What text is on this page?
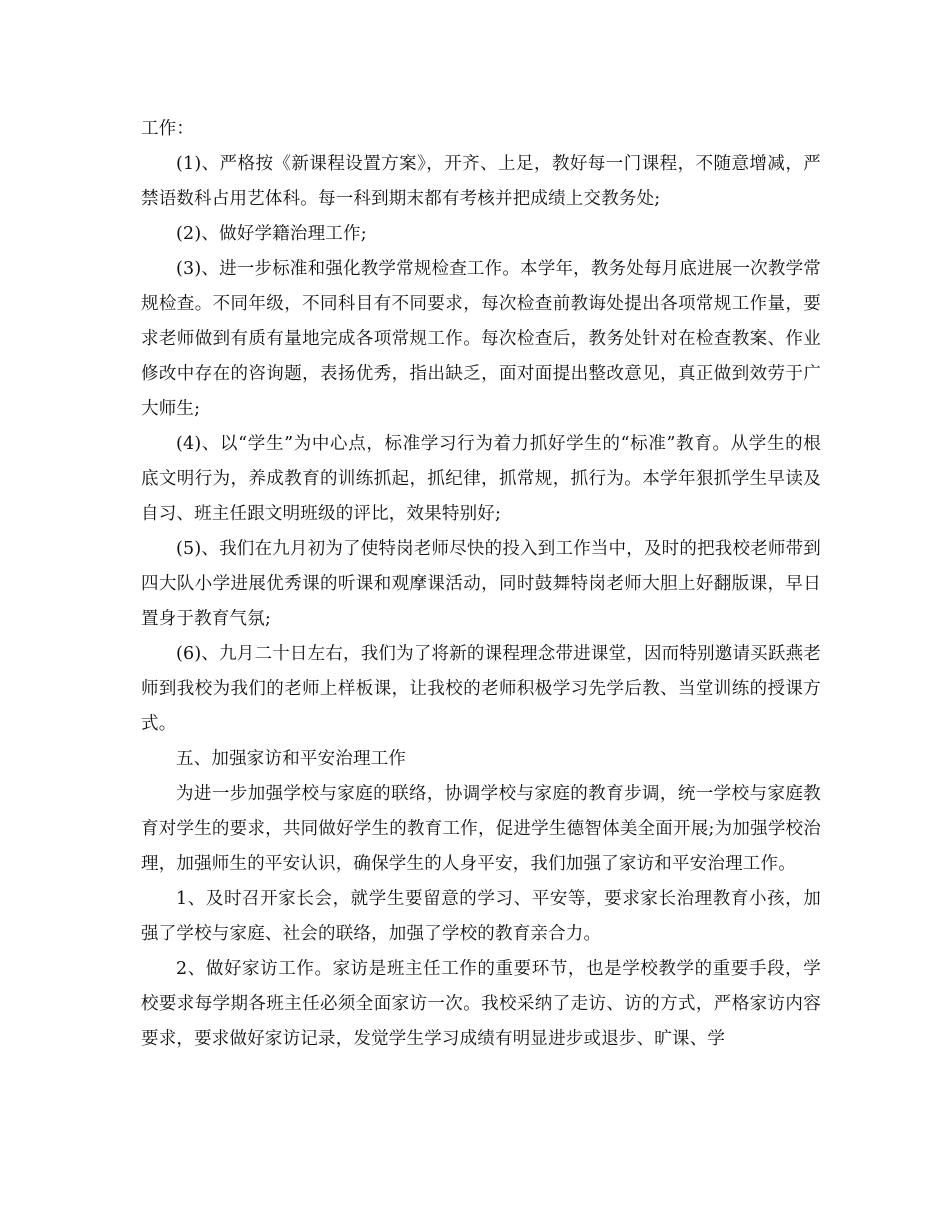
工作：

(1)、严格按《新课程设置方案》，开齐、上足，教好每一门课程，不随意增减，严禁语数科占用艺体科。每一科到期末都有考核并把成绩上交教务处;

(2)、做好学籍治理工作;

(3)、进一步标准和强化教学常规检查工作。本学年，教务处每月底进展一次教学常规检查。不同年级，不同科目有不同要求，每次检查前教诲处提出各项常规工作量，要求老师做到有质有量地完成各项常规工作。每次检查后，教务处针对在检查教案、作业修改中存在的咨询题，表扬优秀，指出缺乏，面对面提出整改意见，真正做到效劳于广大师生;

(4)、以“学生”为中心点，标准学习行为着力抓好学生的“标准”教育。从学生的根底文明行为，养成教育的训练抓起，抓纪律，抓常规，抓行为。本学年狠抓学生早读及自习、班主任跟文明班级的评比，效果特别好;

(5)、我们在九月初为了使特岗老师尽快的投入到工作当中，及时的把我校老师带到四大队小学进展优秀课的听课和观摩课活动，同时鼓舞特岗老师大胆上好翻版课，早日置身于教育气氛;

(6)、九月二十日左右，我们为了将新的课程理念带进课堂，因而特别邀请买跃燕老师到我校为我们的老师上样板课，让我校的老师积极学习先学后教、当堂训练的授课方式。

五、加强家访和平安治理工作

为进一步加强学校与家庭的联络，协调学校与家庭的教育步调，统一学校与家庭教育对学生的要求，共同做好学生的教育工作，促进学生德智体美全面开展;为加强学校治理，加强师生的平安认识，确保学生的人身平安，我们加强了家访和平安治理工作。

1、及时召开家长会，就学生要留意的学习、平安等，要求家长治理教育小孩，加强了学校与家庭、社会的联络，加强了学校的教育亲合力。

2、做好家访工作。家访是班主任工作的重要环节，也是学校教学的重要手段，学校要求每学期各班主任必须全面家访一次。我校采纳了走访、访的方式，严格家访内容要求，要求做好家访记录，发觉学生学习成绩有明显进步或退步、旷课、学
